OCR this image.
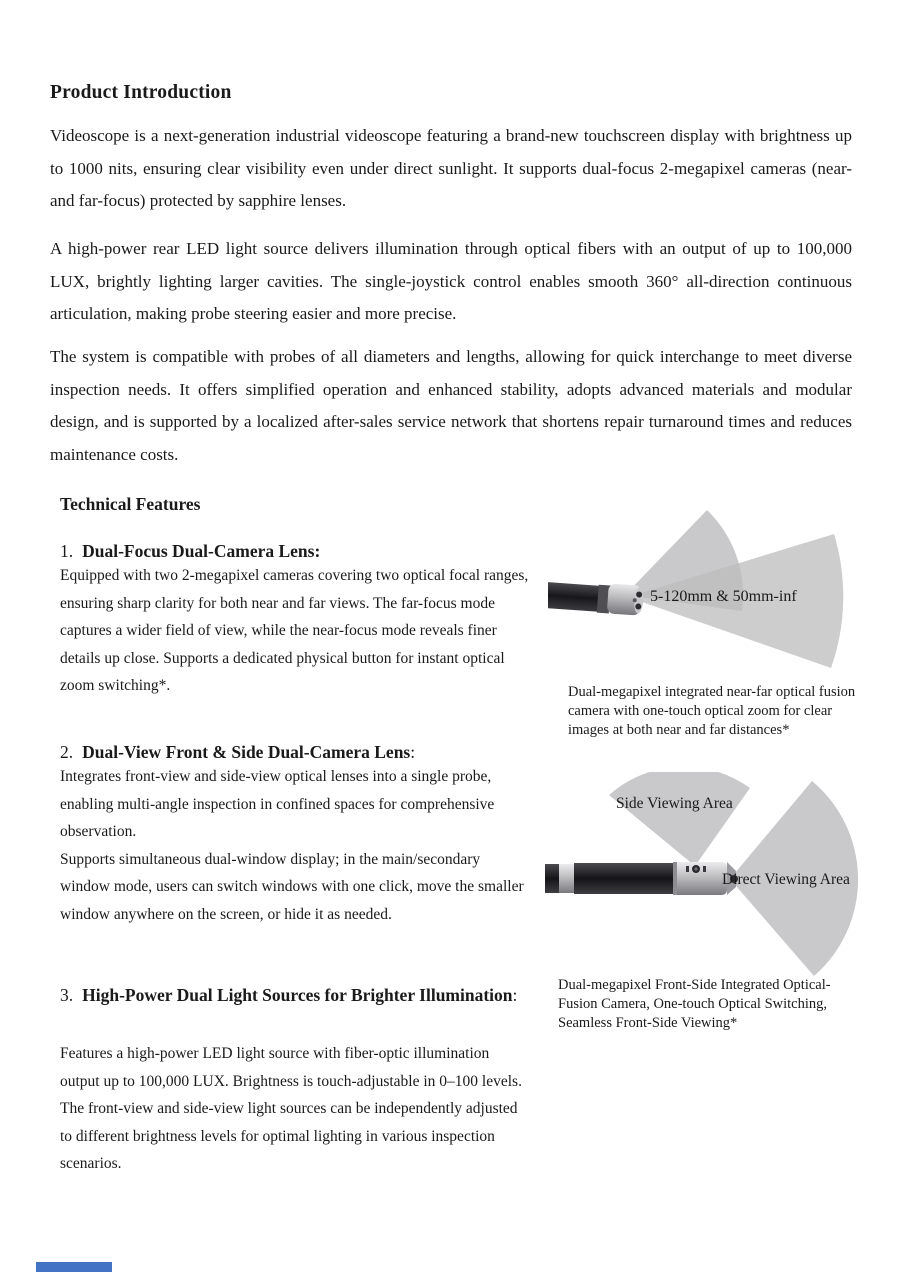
Product Introduction
Videoscope is a next-generation industrial videoscope featuring a brand-new touchscreen display with brightness up to 1000 nits, ensuring clear visibility even under direct sunlight. It supports dual-focus 2-megapixel cameras (near- and far-focus) protected by sapphire lenses.
A high-power rear LED light source delivers illumination through optical fibers with an output of up to 100,000 LUX, brightly lighting larger cavities. The single-joystick control enables smooth 360° all-direction continuous articulation, making probe steering easier and more precise.
The system is compatible with probes of all diameters and lengths, allowing for quick interchange to meet diverse inspection needs. It offers simplified operation and enhanced stability, adopts advanced materials and modular design, and is supported by a localized after-sales service network that shortens repair turnaround times and reduces maintenance costs.
Technical Features
1. Dual-Focus Dual-Camera Lens:

Equipped with two 2-megapixel cameras covering two optical focal ranges, ensuring sharp clarity for both near and far views. The far-focus mode captures a wider field of view, while the near-focus mode reveals finer details up close. Supports a dedicated physical button for instant optical zoom switching*.

5-120mm & 50mm-inf
Dual-megapixel integrated near-far optical fusion camera with one-touch optical zoom for clear images at both near and far distances*
2. Dual-View Front & Side Dual-Camera Lens:

Integrates front-view and side-view optical lenses into a single probe, enabling multi-angle inspection in confined spaces for comprehensive observation.

Supports simultaneous dual-window display; in the main/secondary window mode, users can switch windows with one click, move the smaller window anywhere on the screen, or hide it as needed.

Side Viewing Area
Direct Viewing Area
Dual-megapixel Front-Side Integrated Optical-Fusion Camera, One-touch Optical Switching, Seamless Front-Side Viewing*
3. High-Power Dual Light Sources for Brighter Illumination:

Features a high-power LED light source with fiber-optic illumination output up to 100,000 LUX. Brightness is touch-adjustable in 0–100 levels.

The front-view and side-view light sources can be independently adjusted to different brightness levels for optimal lighting in various inspection scenarios.
